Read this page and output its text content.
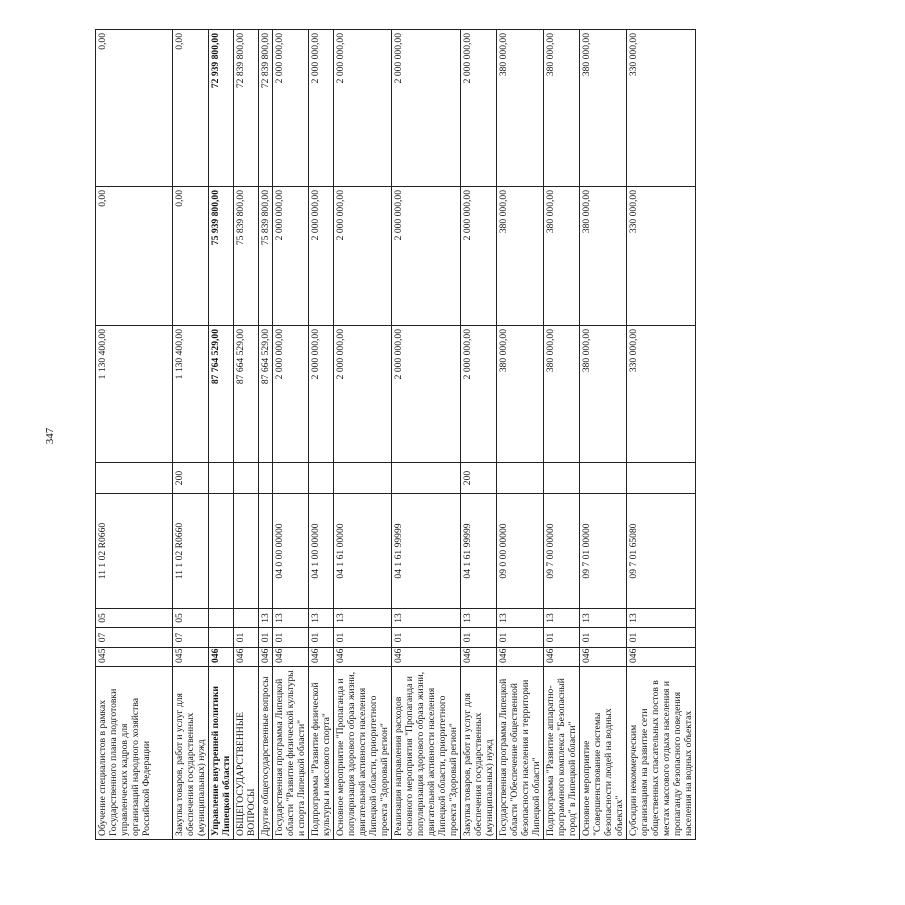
347
Обучение специалистов в рамках Государственного плана подготовки управленческих кадров для организаций народного хозяйства Российской Федерации	045	07	05	11 1 02 R0660		1 130 400,00	0,00	0,00
Закупка товаров, работ и услуг для обеспечения государственных (муниципальных) нужд	045	07	05	11 1 02 R0660	200	1 130 400,00	0,00	0,00
Управление внутренней политики Липецкой области	046					87 764 529,00	75 939 800,00	72 939 800,00
ОБЩЕГОСУДАРСТВЕННЫЕ ВОПРОСЫ	046	01				87 664 529,00	75 839 800,00	72 839 800,00
Другие общегосударственные вопросы	046	01	13			87 664 529,00	75 839 800,00	72 839 800,00
Государственная программа Липецкой области "Развитие физической культуры и спорта Липецкой области"	046	01	13	04 0 00 00000		2 000 000,00	2 000 000,00	2 000 000,00
Подпрограмма "Развитие физической культуры и массового спорта"	046	01	13	04 1 00 00000		2 000 000,00	2 000 000,00	2 000 000,00
Основное мероприятие "Пропаганда и популяризация здорового образа жизни, двигательной активности населения Липецкой области, приоритетного проекта "Здоровый регион"	046	01	13	04 1 61 00000		2 000 000,00	2 000 000,00	2 000 000,00
Реализация направления расходов основного мероприятия "Пропаганда и популяризация здорового образа жизни, двигательной активности населения Липецкой области, приоритетного проекта "Здоровый регион"	046	01	13	04 1 61 99999		2 000 000,00	2 000 000,00	2 000 000,00
Закупка товаров, работ и услуг для обеспечения государственных (муниципальных) нужд	046	01	13	04 1 61 99999	200	2 000 000,00	2 000 000,00	2 000 000,00
Государственная программа Липецкой области "Обеспечение общественной безопасности населения и территории Липецкой области"	046	01	13	09 0 00 00000		380 000,00	380 000,00	380 000,00
Подпрограмма "Развитие аппаратно-программного комплекса "Безопасный город" в Липецкой области"	046	01	13	09 7 00 00000		380 000,00	380 000,00	380 000,00
Основное мероприятие "Совершенствование системы безопасности людей на водных объектах"	046	01	13	09 7 01 00000		380 000,00	380 000,00	380 000,00
Субсидии некоммерческим организациям на развитие сети общественных спасательных постов в местах массового отдыха населения и пропаганду безопасного поведения населения на водных объектах	046	01	13	09 7 01 65080		330 000,00	330 000,00	330 000,00
